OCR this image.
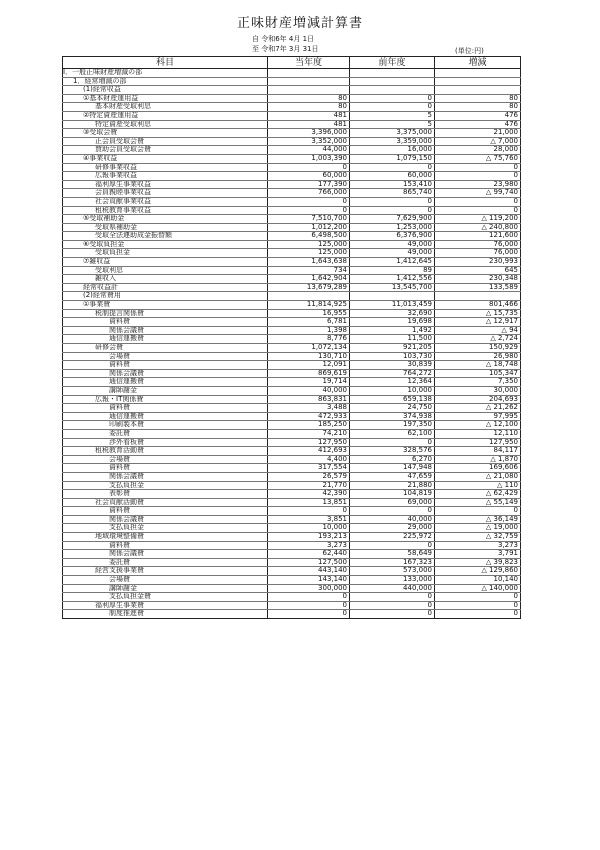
正味財産増減計算書
自 令和6年 4月 1日
至 令和7年 3月 31日	(単位:円)
科目	当年度	前年度	増減
Ⅰ．一般正味財産増減の部			
1．経常増減の部			
(1)経常収益			
①基本財産運用益	80	0	80
基本財産受取利息	80	0	80
②特定資産運用益	481	5	476
特定資産受取利息	481	5	476
③受取会費	3,396,000	3,375,000	21,000
正会員受取会費	3,352,000	3,359,000	△ 7,000
賛助会員受取会費	44,000	16,000	28,000
④事業収益	1,003,390	1,079,150	△ 75,760
研修事業収益	0	0	0
広報事業収益	60,000	60,000	0
福利厚生事業収益	177,390	153,410	23,980
会員親睦事業収益	766,000	865,740	△ 99,740
社会貢献事業収益	0	0	0
租税教育事業収益	0	0	0
⑤受取補助金	7,510,700	7,629,900	△ 119,200
受取県補助金	1,012,200	1,253,000	△ 240,800
受取全法連助成金振替額	6,498,500	6,376,900	121,600
⑥受取負担金	125,000	49,000	76,000
受取負担金	125,000	49,000	76,000
⑦雑収益	1,643,638	1,412,645	230,993
受取利息	734	89	645
雑収入	1,642,904	1,412,556	230,348
経常収益計	13,679,289	13,545,700	133,589
(2)経常費用			
①事業費	11,814,925	11,013,459	801,466
税制提言関係費	16,955	32,690	△ 15,735
資料費	6,781	19,698	△ 12,917
関係会議費	1,398	1,492	△ 94
通信運搬費	8,776	11,500	△ 2,724
研修会費	1,072,134	921,205	150,929
会場費	130,710	103,730	26,980
資料費	12,091	30,839	△ 18,748
関係会議費	869,619	764,272	105,347
通信運搬費	19,714	12,364	7,350
講師謝金	40,000	10,000	30,000
広報・IT関係費	863,831	659,138	204,693
資料費	3,488	24,750	△ 21,262
通信運搬費	472,933	374,938	97,995
印刷製本費	185,250	197,350	△ 12,100
委託費	74,210	62,100	12,110
渉外看板費	127,950	0	127,950
租税教育活動費	412,693	328,576	84,117
会場費	4,400	6,270	△ 1,870
資料費	317,554	147,948	169,606
関係会議費	26,579	47,659	△ 21,080
支払負担金	21,770	21,880	△ 110
表彰費	42,390	104,819	△ 62,429
社会貢献活動費	13,851	69,000	△ 55,149
資料費	0	0	0
関係会議費	3,851	40,000	△ 36,149
支払負担金	10,000	29,000	△ 19,000
地域環境整備費	193,213	225,972	△ 32,759
資料費	3,273	0	3,273
関係会議費	62,440	58,649	3,791
委託費	127,500	167,323	△ 39,823
経営支援事業費	443,140	573,000	△ 129,860
会場費	143,140	133,000	10,140
講師謝金	300,000	440,000	△ 140,000
支払負担金費	0	0	0
福利厚生事業費	0	0	0
制度推進費	0	0	0
